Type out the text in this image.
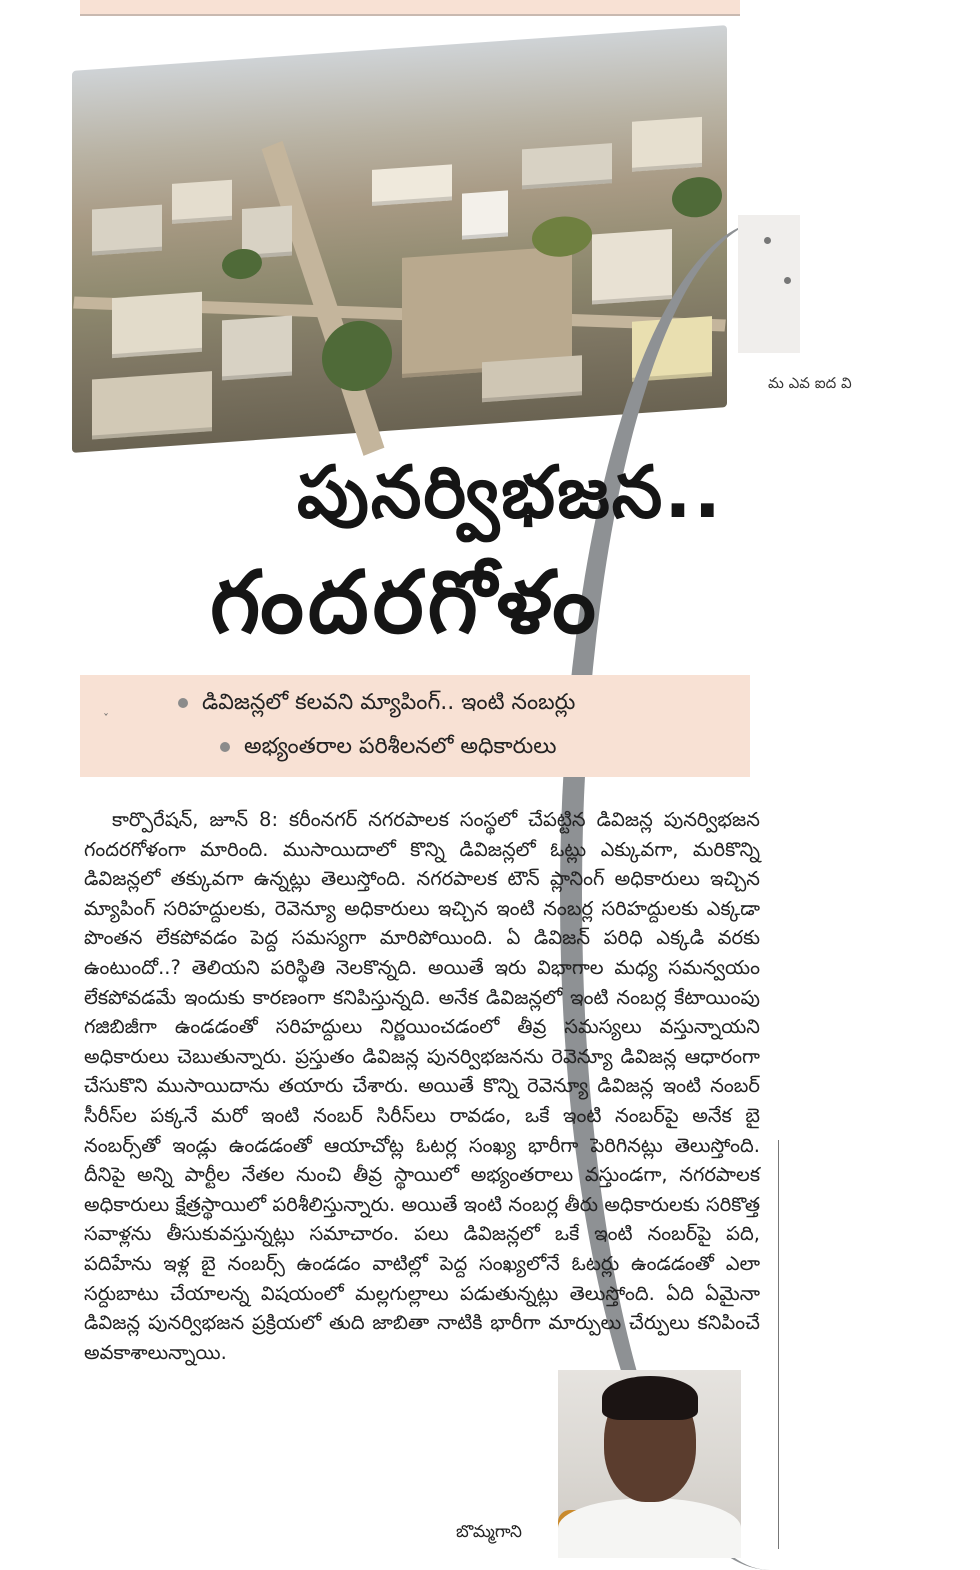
మ ఎవ ఐద వి
పునర్విభజన..
గందరగోళం
డివిజన్లలో కలవని మ్యాపింగ్.. ఇంటి నంబర్లు
అభ్యంతరాల పరిశీలనలో అధికారులు
ˇ
కార్పొరేషన్, జూన్ 8: కరీంనగర్ నగరపాలక సంస్థలో చేపట్టిన డివిజన్ల పునర్విభజన గందరగోళంగా మారింది. ముసాయిదాలో కొన్ని డివిజన్లలో ఓట్లు ఎక్కువగా, మరికొన్ని డివిజన్లలో తక్కువగా ఉన్నట్లు తెలుస్తోంది. నగరపాలక టౌన్ ప్లానింగ్ అధికారులు ఇచ్చిన మ్యాపింగ్ సరిహద్దులకు, రెవెన్యూ అధికారులు ఇచ్చిన ఇంటి నంబర్ల సరిహద్దులకు ఎక్కడా పొంతన లేకపోవడం పెద్ద సమస్యగా మారిపోయింది. ఏ డివిజన్ పరిధి ఎక్కడి వరకు ఉంటుందో..? తెలియని పరిస్థితి నెలకొన్నది. అయితే ఇరు విభాగాల మధ్య సమన్వయం లేకపోవడమే ఇందుకు కారణంగా కనిపిస్తున్నది. అనేక డివిజన్లలో ఇంటి నంబర్ల కేటాయింపు గజిబిజీగా ఉండడంతో సరిహద్దులు నిర్ణయించడంలో తీవ్ర సమస్యలు వస్తున్నాయని అధికారులు చెబుతున్నారు. ప్రస్తుతం డివిజన్ల పునర్విభజనను రెవెన్యూ డివిజన్ల ఆధారంగా చేసుకొని ముసాయిదాను తయారు చేశారు. అయితే కొన్ని రెవెన్యూ డివిజన్ల ఇంటి నంబర్ సీరీస్‌ల పక్కనే మరో ఇంటి నంబర్ సిరీస్‌లు రావడం, ఒకే ఇంటి నంబర్‌పై అనేక బై నంబర్స్‌తో ఇండ్లు ఉండడంతో ఆయాచోట్ల ఓటర్ల సంఖ్య భారీగా పెరిగినట్లు తెలుస్తోంది. దీనిపై అన్ని పార్టీల నేతల నుంచి తీవ్ర స్థాయిలో అభ్యంతరాలు వస్తుండగా, నగరపాలక అధికారులు క్షేత్రస్థాయిలో పరిశీలిస్తున్నారు. అయితే ఇంటి నంబర్ల తీరు అధికారులకు సరికొత్త సవాళ్లను తీసుకువస్తున్నట్లు సమాచారం. పలు డివిజన్లలో ఒకే ఇంటి నంబర్‌పై పది, పదిహేను ఇళ్ల బై నంబర్స్ ఉండడం వాటిల్లో పెద్ద సంఖ్యలోనే ఓటర్లు ఉండడంతో ఎలా సర్దుబాటు చేయాలన్న విషయంలో మల్లగుల్లాలు పడుతున్నట్లు తెలుస్తోంది. ఏది ఏమైనా డివిజన్ల పునర్విభజన ప్రక్రియలో తుది జాబితా నాటికి భారీగా మార్పులు చేర్పులు కనిపించే అవకాశాలున్నాయి.
బొమ్మగాని
